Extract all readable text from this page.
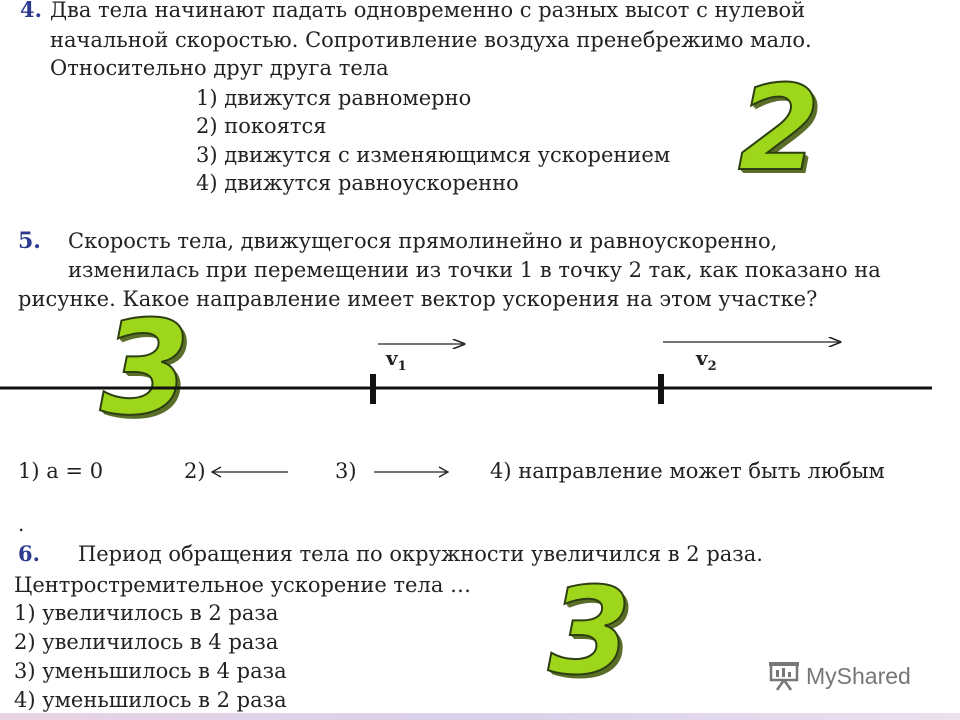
4. Два тела начинают падать одновременно с разных высот с нулевой
начальной скоростью. Сопротивление воздуха пренебрежимо мало.
Относительно друг друга тела
1) движутся равномерно
2) покоятся
3) движутся с изменяющимся ускорением
4) движутся равноускоренно 2
5. Скорость тела, движущегося прямолинейно и равноускоренно,
изменилась при перемещении из точки 1 в точку 2 так, как показано на
рисунке. Какое направление имеет вектор ускорения на этом участке?
3	$v_1$	$v_2$
1) a = 0	2)	3)	4) направление может быть любым
.
6. Период обращения тела по окружности увеличился в 2 раза.
Центростремительное ускорение тела …
1) увеличилось в 2 раза
2) увеличилось в 4 раза
3) уменьшилось в 4 раза
4) уменьшилось в 2 раза 3	MyShared
